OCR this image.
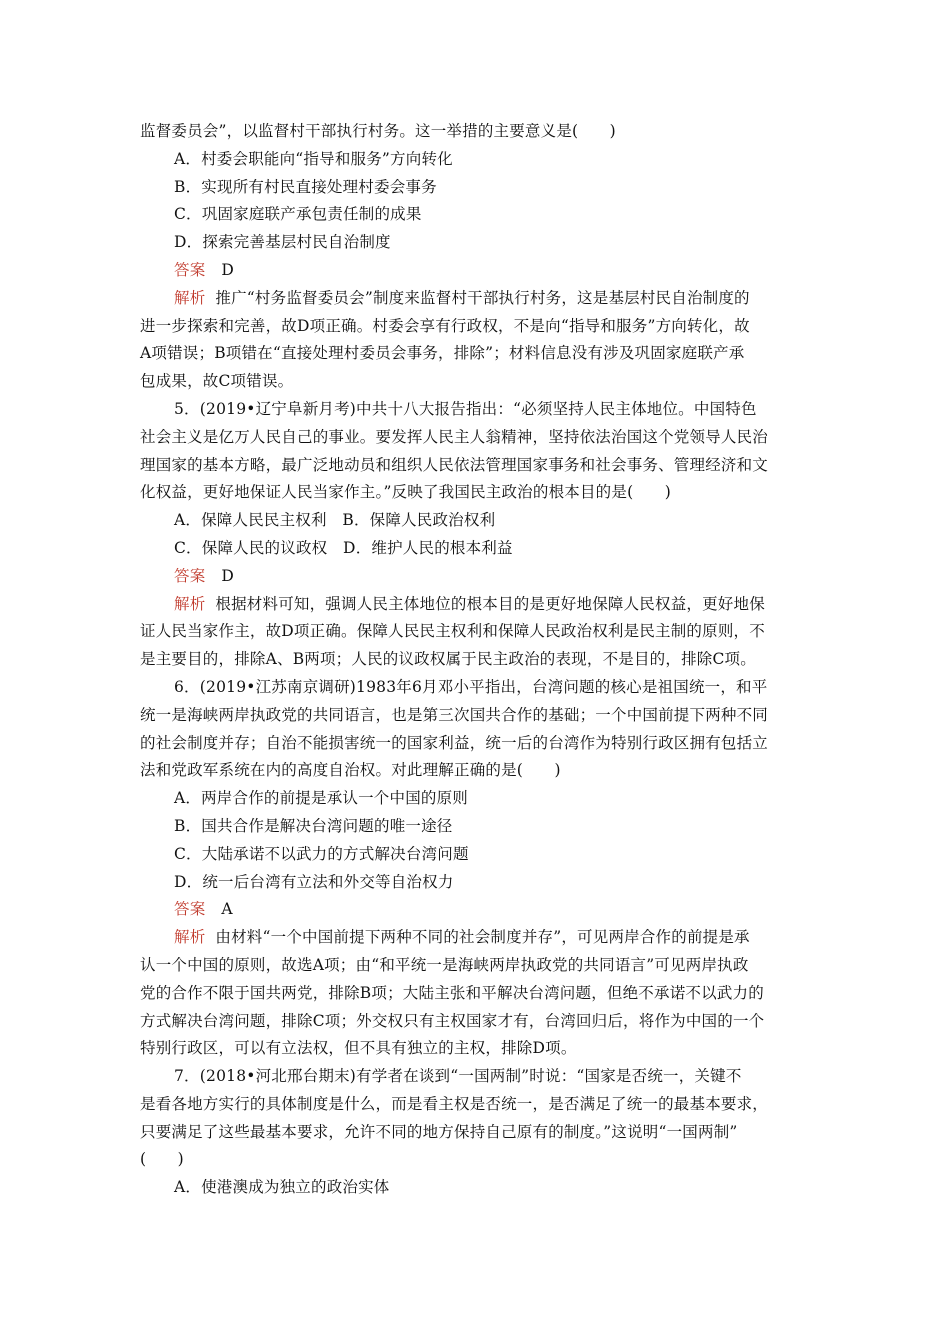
监督委员会”，以监督村干部执行村务。这一举措的主要意义是(　　)
A．村委会职能向“指导和服务”方向转化
B．实现所有村民直接处理村委会事务
C．巩固家庭联产承包责任制的成果
D．探索完善基层村民自治制度
答案 D
解析 推广“村务监督委员会”制度来监督村干部执行村务，这是基层村民自治制度的
进一步探索和完善，故D项正确。村委会享有行政权，不是向“指导和服务”方向转化，故
A项错误；B项错在“直接处理村委员会事务，排除”；材料信息没有涉及巩固家庭联产承
包成果，故C项错误。
5．(2019•辽宁阜新月考)中共十八大报告指出：“必须坚持人民主体地位。中国特色
社会主义是亿万人民自己的事业。要发挥人民主人翁精神，坚持依法治国这个党领导人民治
理国家的基本方略，最广泛地动员和组织人民依法管理国家事务和社会事务、管理经济和文
化权益，更好地保证人民当家作主。”反映了我国民主政治的根本目的是(　　)
A．保障人民民主权利　B．保障人民政治权利
C．保障人民的议政权　D．维护人民的根本利益
答案 D
解析 根据材料可知，强调人民主体地位的根本目的是更好地保障人民权益，更好地保
证人民当家作主，故D项正确。保障人民民主权利和保障人民政治权利是民主制的原则，不
是主要目的，排除A、B两项；人民的议政权属于民主政治的表现，不是目的，排除C项。
6．(2019•江苏南京调研)1983年6月邓小平指出，台湾问题的核心是祖国统一，和平
统一是海峡两岸执政党的共同语言，也是第三次国共合作的基础；一个中国前提下两种不同
的社会制度并存；自治不能损害统一的国家利益，统一后的台湾作为特别行政区拥有包括立
法和党政军系统在内的高度自治权。对此理解正确的是(　　)
A．两岸合作的前提是承认一个中国的原则
B．国共合作是解决台湾问题的唯一途径
C．大陆承诺不以武力的方式解决台湾问题
D．统一后台湾有立法和外交等自治权力
答案 A
解析 由材料“一个中国前提下两种不同的社会制度并存”，可见两岸合作的前提是承
认一个中国的原则，故选A项；由“和平统一是海峡两岸执政党的共同语言”可见两岸执政
党的合作不限于国共两党，排除B项；大陆主张和平解决台湾问题，但绝不承诺不以武力的
方式解决台湾问题，排除C项；外交权只有主权国家才有，台湾回归后，将作为中国的一个
特别行政区，可以有立法权，但不具有独立的主权，排除D项。
7．(2018•河北邢台期末)有学者在谈到“一国两制”时说：“国家是否统一，关键不
是看各地方实行的具体制度是什么，而是看主权是否统一，是否满足了统一的最基本要求，
只要满足了这些最基本要求，允许不同的地方保持自己原有的制度。”这说明“一国两制”
(　　)
A．使港澳成为独立的政治实体
